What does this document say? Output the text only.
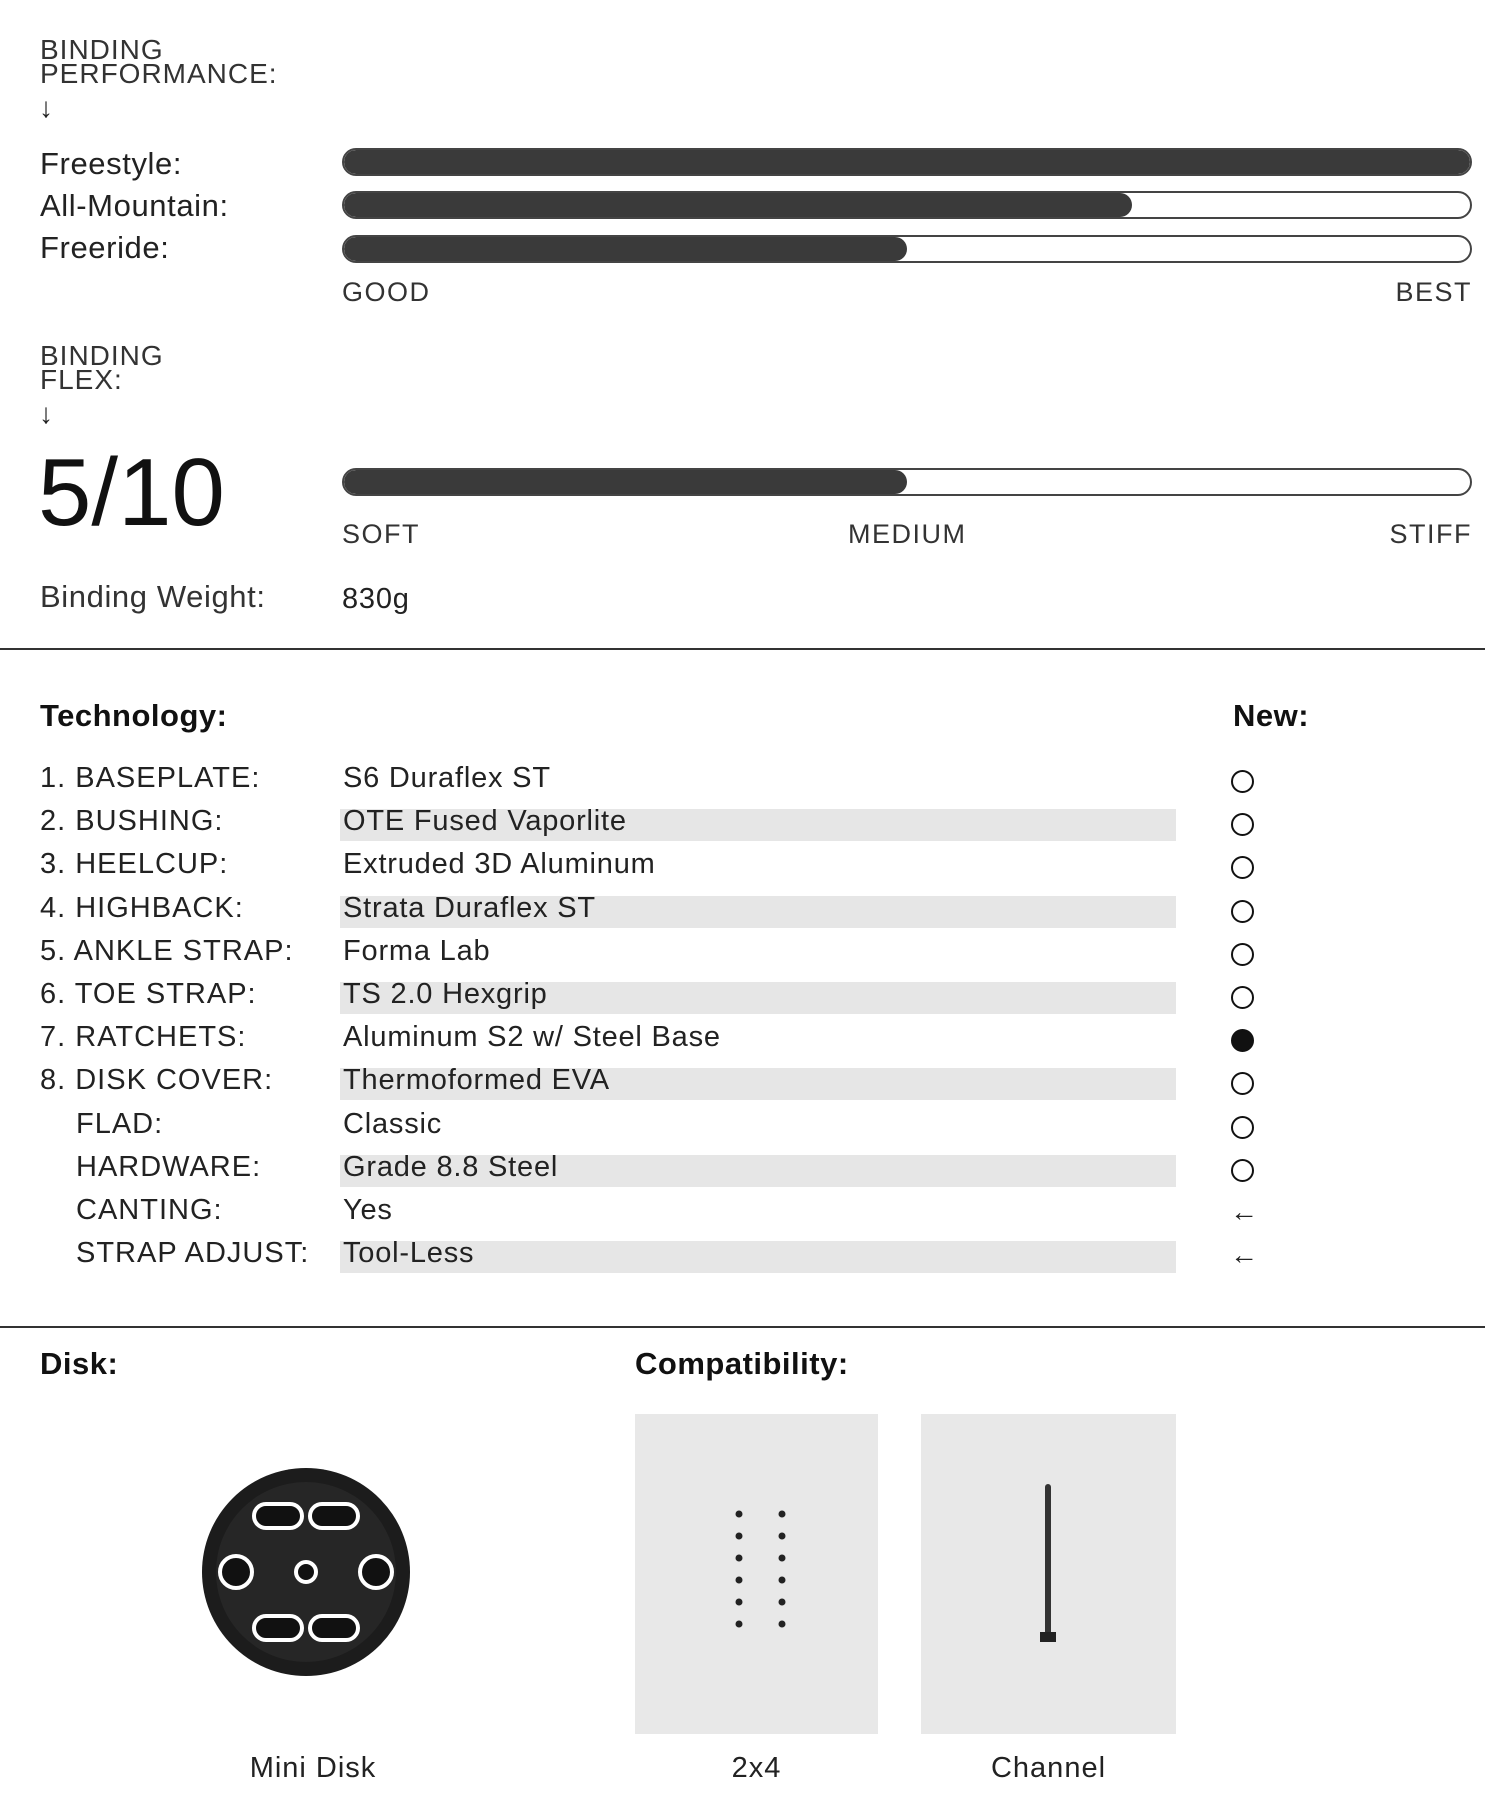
BINDING
PERFORMANCE:
↓
Freestyle:
All-Mountain:
Freeride:
GOOD	BEST
BINDING
FLEX:
↓
5/10	SOFT	MEDIUM	STIFF
Binding Weight:	830g
Technology:	New:
1. BASEPLATE:	S6 Duraflex ST
2. BUSHING:	OTE Fused Vaporlite
3. HEELCUP:	Extruded 3D Aluminum
4. HIGHBACK:	Strata Duraflex ST
5. ANKLE STRAP: Forma Lab
6. TOE STRAP:	TS 2.0 Hexgrip
7. RATCHETS:	Aluminum S2 w/ Steel Base
8. DISK COVER: Thermoformed EVA
FLAD:	Classic
HARDWARE:	Grade 8.8 Steel
CANTING:	Yes	←
STRAP ADJUST: Tool-Less	←
Disk:
Mini Disk
Compatibility:
2x4	Channel
